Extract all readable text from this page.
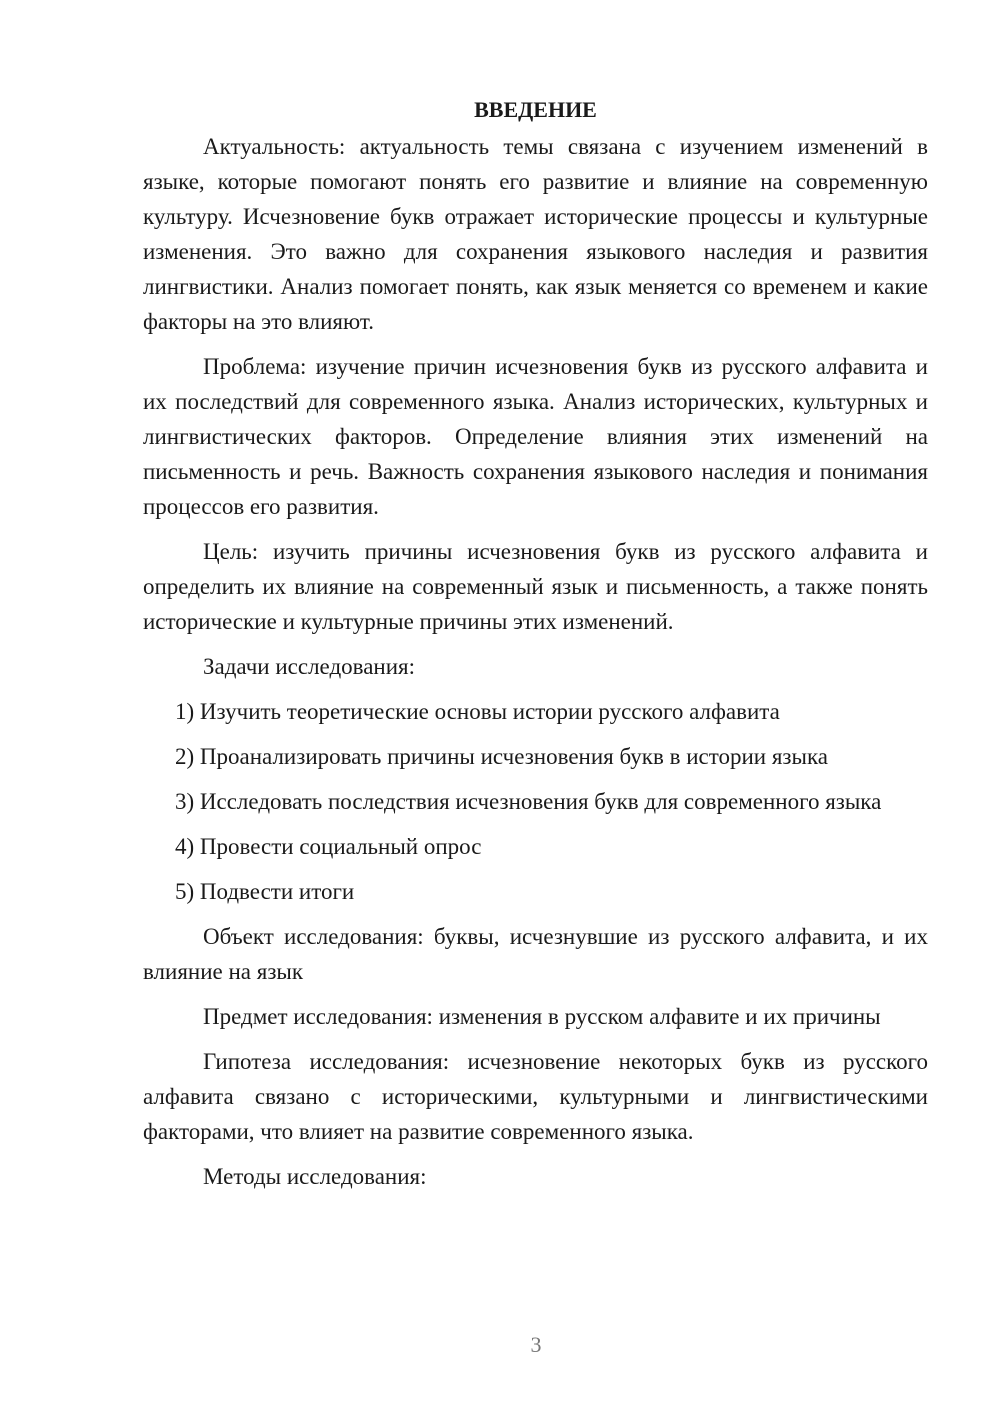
ВВЕДЕНИЕ
Актуальность: актуальность темы связана с изучением изменений в языке, которые помогают понять его развитие и влияние на современную культуру. Исчезновение букв отражает исторические процессы и культурные изменения. Это важно для сохранения языкового наследия и развития лингвистики. Анализ помогает понять, как язык меняется со временем и какие факторы на это влияют.
Проблема: изучение причин исчезновения букв из русского алфавита и их последствий для современного языка. Анализ исторических, культурных и лингвистических факторов. Определение влияния этих изменений на письменность и речь. Важность сохранения языкового наследия и понимания процессов его развития.
Цель: изучить причины исчезновения букв из русского алфавита и определить их влияние на современный язык и письменность, а также понять исторические и культурные причины этих изменений.
Задачи исследования:
1) Изучить теоретические основы истории русского алфавита
2) Проанализировать причины исчезновения букв в истории языка
3) Исследовать последствия исчезновения букв для современного языка
4) Провести социальный опрос
5) Подвести итоги
Объект исследования: буквы, исчезнувшие из русского алфавита, и их влияние на язык
Предмет исследования: изменения в русском алфавите и их причины
Гипотеза исследования: исчезновение некоторых букв из русского алфавита связано с историческими, культурными и лингвистическими факторами, что влияет на развитие современного языка.
Методы исследования:
3
